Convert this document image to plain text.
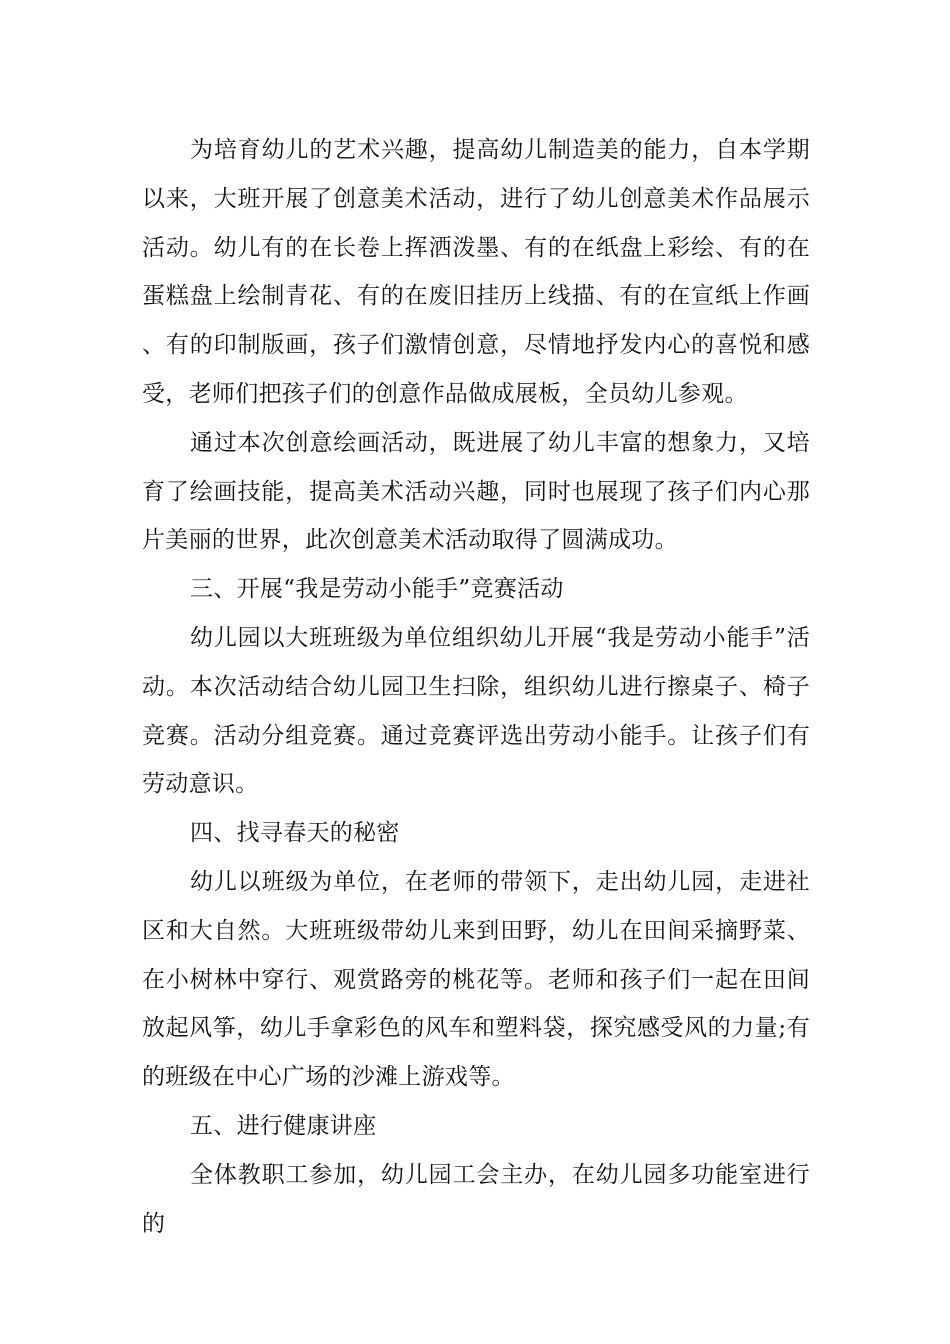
为培育幼儿的艺术兴趣，提高幼儿制造美的能力，自本学期以来，大班开展了创意美术活动，进行了幼儿创意美术作品展示活动。幼儿有的在长卷上挥洒泼墨、有的在纸盘上彩绘、有的在蛋糕盘上绘制青花、有的在废旧挂历上线描、有的在宣纸上作画、有的印制版画，孩子们激情创意，尽情地抒发内心的喜悦和感受，老师们把孩子们的创意作品做成展板，全员幼儿参观。

通过本次创意绘画活动，既进展了幼儿丰富的想象力，又培育了绘画技能，提高美术活动兴趣，同时也展现了孩子们内心那片美丽的世界，此次创意美术活动取得了圆满成功。

三、开展“我是劳动小能手”竞赛活动

幼儿园以大班班级为单位组织幼儿开展“我是劳动小能手”活动。本次活动结合幼儿园卫生扫除，组织幼儿进行擦桌子、椅子竞赛。活动分组竞赛。通过竞赛评选出劳动小能手。让孩子们有劳动意识。

四、找寻春天的秘密

幼儿以班级为单位，在老师的带领下，走出幼儿园，走进社区和大自然。大班班级带幼儿来到田野，幼儿在田间采摘野菜、在小树林中穿行、观赏路旁的桃花等。老师和孩子们一起在田间放起风筝，幼儿手拿彩色的风车和塑料袋，探究感受风的力量;有的班级在中心广场的沙滩上游戏等。

五、进行健康讲座

全体教职工参加，幼儿园工会主办，在幼儿园多功能室进行的
